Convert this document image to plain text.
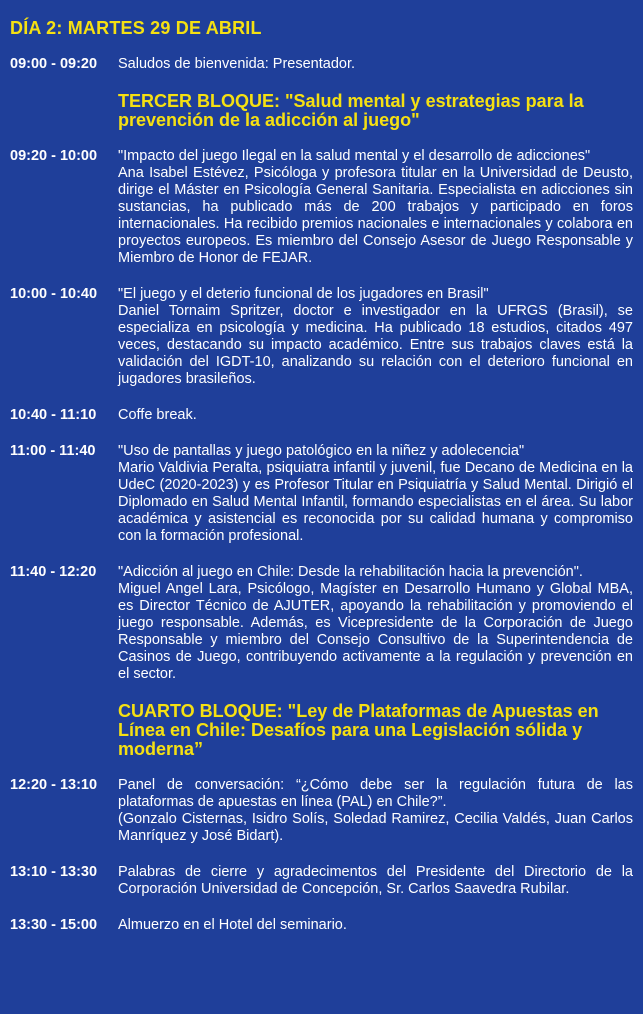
DÍA 2: MARTES 29 DE ABRIL
09:00 - 09:20	Saludos de bienvenida: Presentador.
TERCER BLOQUE: "Salud mental y estrategias para la prevención de la adicción al juego"
09:20 - 10:00	"Impacto del juego Ilegal en la salud mental y el desarrollo de adicciones"
Ana Isabel Estévez, Psicóloga y profesora titular en la Universidad de Deusto, dirige el Máster en Psicología General Sanitaria. Especialista en adicciones sin sustancias, ha publicado más de 200 trabajos y participado en foros internacionales. Ha recibido premios nacionales e internacionales y colabora en proyectos europeos. Es miembro del Consejo Asesor de Juego Responsable y Miembro de Honor de FEJAR.
10:00 - 10:40	"El juego y el deterio funcional de los jugadores en Brasil"
Daniel Tornaim Spritzer, doctor e investigador en la UFRGS (Brasil), se especializa en psicología y medicina. Ha publicado 18 estudios, citados 497 veces, destacando su impacto académico. Entre sus trabajos claves está la validación del IGDT-10, analizando su relación con el deterioro funcional en jugadores brasileños.
10:40 - 11:10	Coffe break.
11:00 - 11:40	"Uso de pantallas y juego patológico en la niñez y adolecencia"
Mario Valdivia Peralta, psiquiatra infantil y juvenil, fue Decano de Medicina en la UdeC (2020-2023) y es Profesor Titular en Psiquiatría y Salud Mental. Dirigió el Diplomado en Salud Mental Infantil, formando especialistas en el área. Su labor académica y asistencial es reconocida por su calidad humana y compromiso con la formación profesional.
11:40 - 12:20	"Adicción al juego en Chile: Desde la rehabilitación hacia la prevención".
Miguel Angel Lara, Psicólogo, Magíster en Desarrollo Humano y Global MBA, es Director Técnico de AJUTER, apoyando la rehabilitación y promoviendo el juego responsable. Además, es Vicepresidente de la Corporación de Juego Responsable y miembro del Consejo Consultivo de la Superintendencia de Casinos de Juego, contribuyendo activamente a la regulación y prevención en el sector.
CUARTO BLOQUE: "Ley de Plataformas de Apuestas en Línea en Chile: Desafíos para una Legislación sólida y moderna”
12:20 - 13:10	Panel de conversación: “¿Cómo debe ser la regulación futura de las plataformas de apuestas en línea (PAL) en Chile?”.
(Gonzalo Cisternas, Isidro Solís, Soledad Ramirez, Cecilia Valdés, Juan Carlos Manríquez y José Bidart).
13:10 - 13:30	Palabras de cierre y agradecimentos del Presidente del Directorio de la Corporación Universidad de Concepción, Sr. Carlos Saavedra Rubilar.
13:30 - 15:00	Almuerzo en el Hotel del seminario.
